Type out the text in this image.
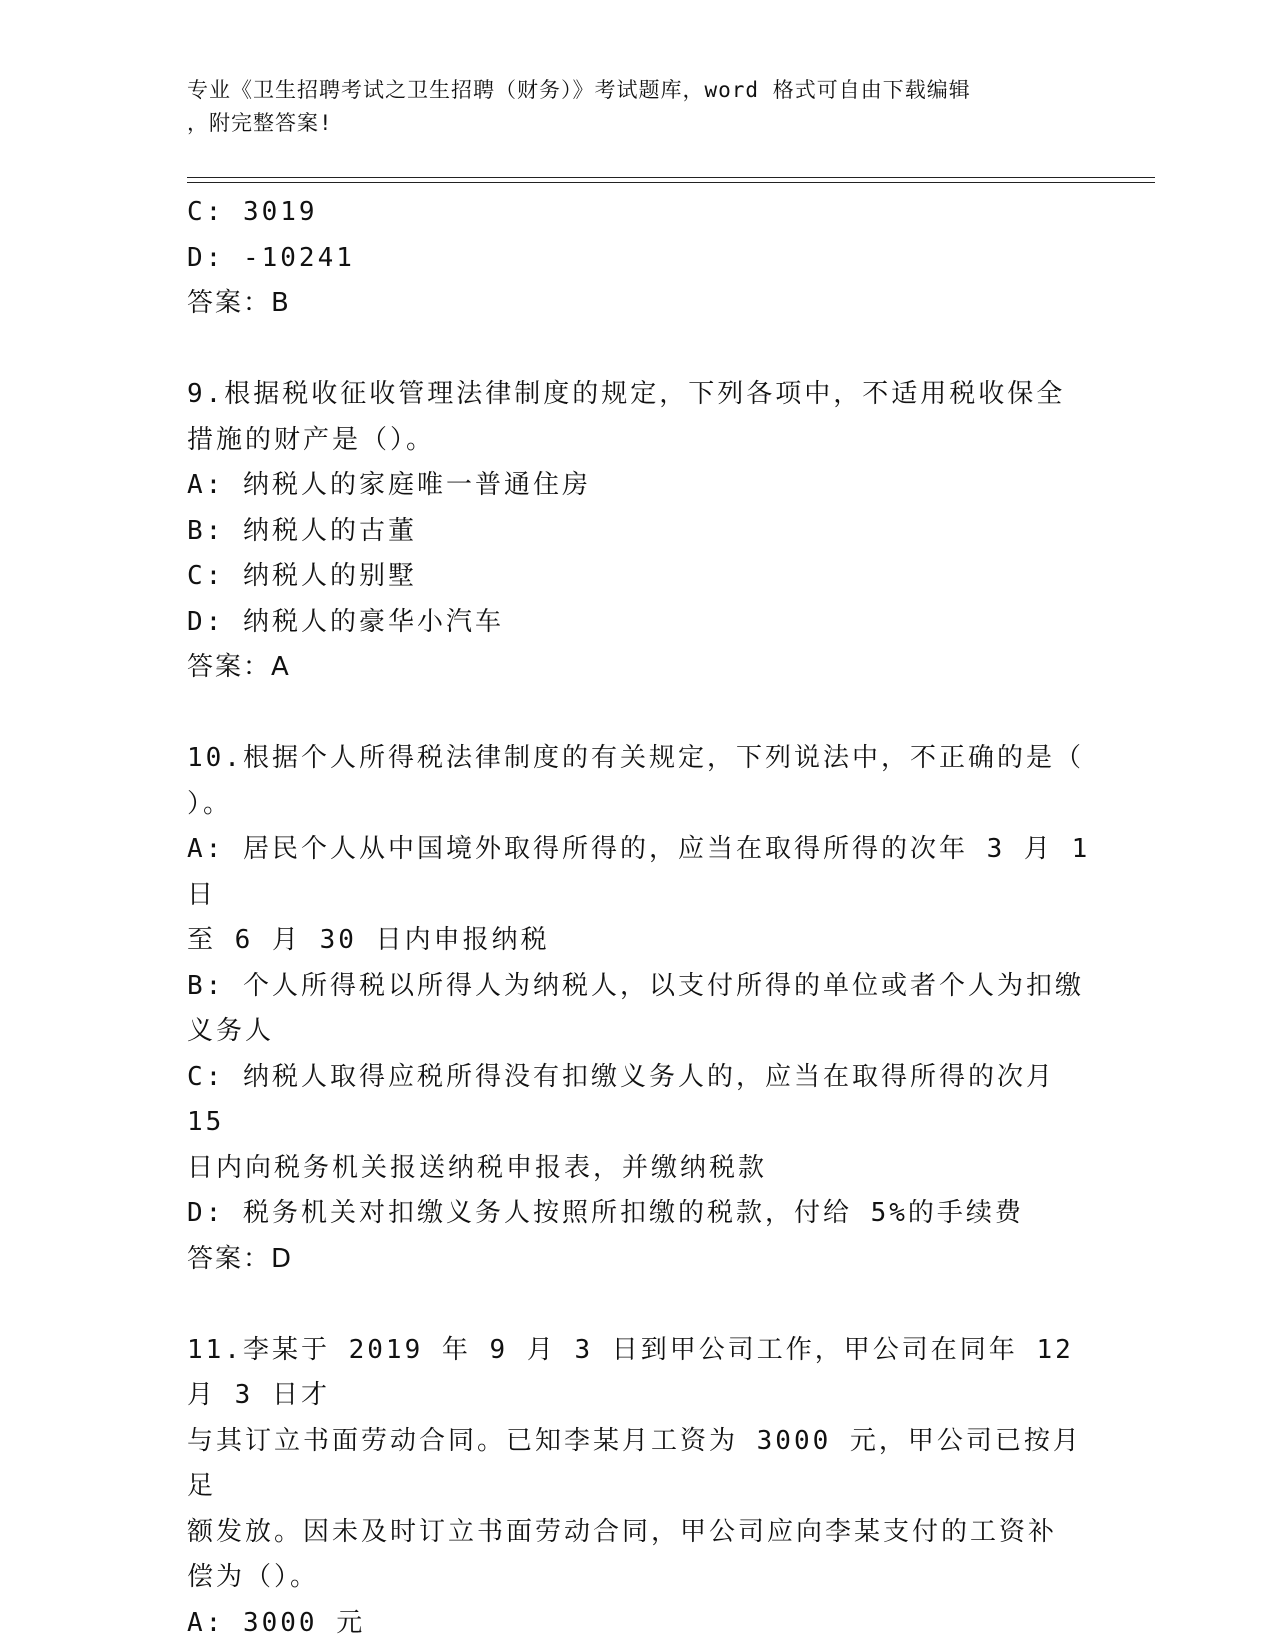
专业《卫生招聘考试之卫生招聘（财务）》考试题库，word 格式可自由下载编辑
，附完整答案!
C: 3019
D: -10241
答案：B
9.根据税收征收管理法律制度的规定，下列各项中，不适用税收保全
措施的财产是（）。
A: 纳税人的家庭唯一普通住房
B: 纳税人的古董
C: 纳税人的别墅
D: 纳税人的豪华小汽车
答案：A
10.根据个人所得税法律制度的有关规定，下列说法中，不正确的是（
）。
A: 居民个人从中国境外取得所得的，应当在取得所得的次年 3 月 1 日
至 6 月 30 日内申报纳税
B: 个人所得税以所得人为纳税人，以支付所得的单位或者个人为扣缴
义务人
C: 纳税人取得应税所得没有扣缴义务人的，应当在取得所得的次月 15
日内向税务机关报送纳税申报表，并缴纳税款
D: 税务机关对扣缴义务人按照所扣缴的税款，付给 5%的手续费
答案：D
11.李某于 2019 年 9 月 3 日到甲公司工作，甲公司在同年 12 月 3 日才
与其订立书面劳动合同。已知李某月工资为 3000 元，甲公司已按月足
额发放。因未及时订立书面劳动合同，甲公司应向李某支付的工资补
偿为（）。
A: 3000 元
